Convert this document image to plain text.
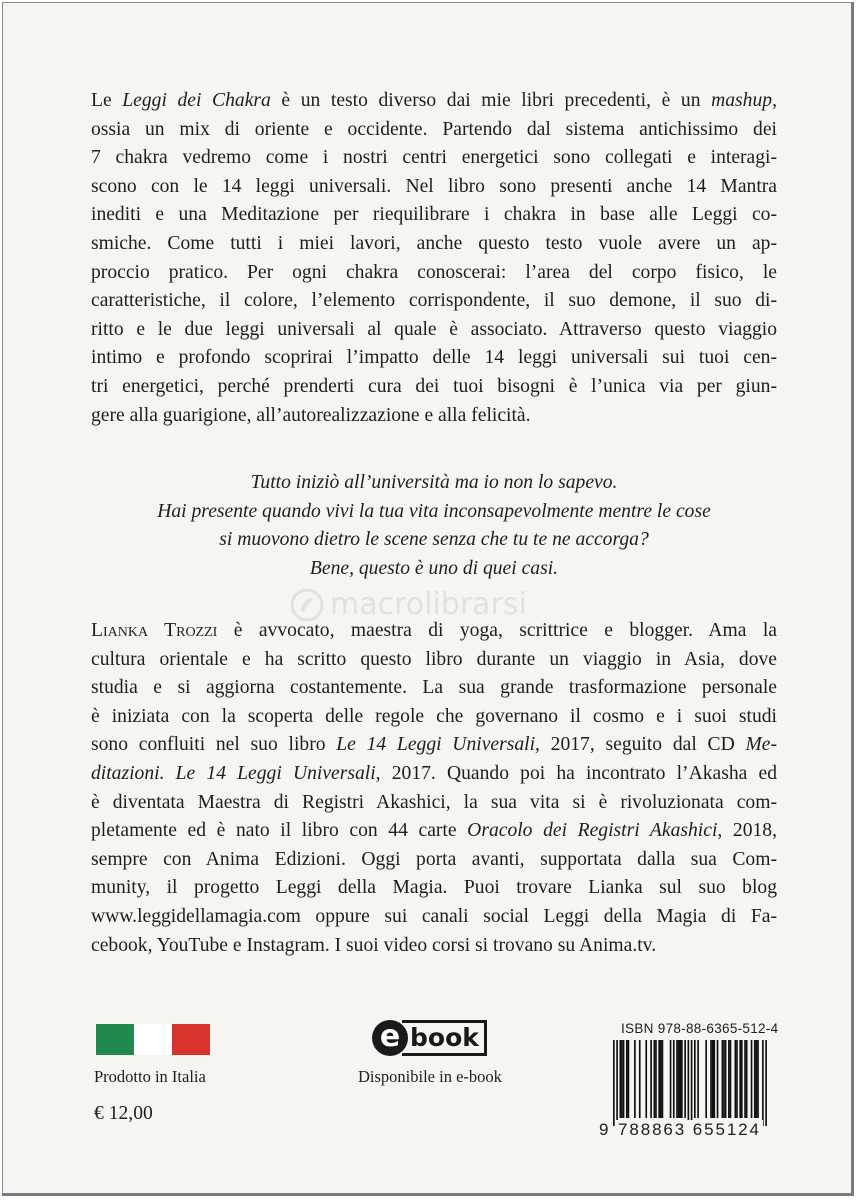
Le Leggi dei Chakra è un testo diverso dai mie libri precedenti, è un mashup,
ossia un mix di oriente e occidente. Partendo dal sistema antichissimo dei
7 chakra vedremo come i nostri centri energetici sono collegati e interagi-
scono con le 14 leggi universali. Nel libro sono presenti anche 14 Mantra
inediti e una Meditazione per riequilibrare i chakra in base alle Leggi co-
smiche. Come tutti i miei lavori, anche questo testo vuole avere un ap-
proccio pratico. Per ogni chakra conoscerai: l’area del corpo fisico, le
caratteristiche, il colore, l’elemento corrispondente, il suo demone, il suo di-
ritto e le due leggi universali al quale è associato. Attraverso questo viaggio
intimo e profondo scoprirai l’impatto delle 14 leggi universali sui tuoi cen-
tri energetici, perché prenderti cura dei tuoi bisogni è l’unica via per giun-
gere alla guarigione, all’autorealizzazione e alla felicità.
Tutto iniziò all’università ma io non lo sapevo.
Hai presente quando vivi la tua vita inconsapevolmente mentre le cose
si muovono dietro le scene senza che tu te ne accorga?
Bene, questo è uno di quei casi.
macrolibrarsi
Lianka Trozzi è avvocato, maestra di yoga, scrittrice e blogger. Ama la
cultura orientale e ha scritto questo libro durante un viaggio in Asia, dove
studia e si aggiorna costantemente. La sua grande trasformazione personale
è iniziata con la scoperta delle regole che governano il cosmo e i suoi studi
sono confluiti nel suo libro Le 14 Leggi Universali, 2017, seguito dal CD Me-
ditazioni. Le 14 Leggi Universali, 2017. Quando poi ha incontrato l’Akasha ed
è diventata Maestra di Registri Akashici, la sua vita si è rivoluzionata com-
pletamente ed è nato il libro con 44 carte Oracolo dei Registri Akashici, 2018,
sempre con Anima Edizioni. Oggi porta avanti, supportata dalla sua Com-
munity, il progetto Leggi della Magia. Puoi trovare Lianka sul suo blog
www.leggidellamagia.com oppure sui canali social Leggi della Magia di Fa-
cebook, YouTube e Instagram. I suoi video corsi si trovano su Anima.tv.

Prodotto in Italia

€ 12,00

e book

Disponibile in e-book

ISBN 978-88-6365-512-4

9 788863 655124
